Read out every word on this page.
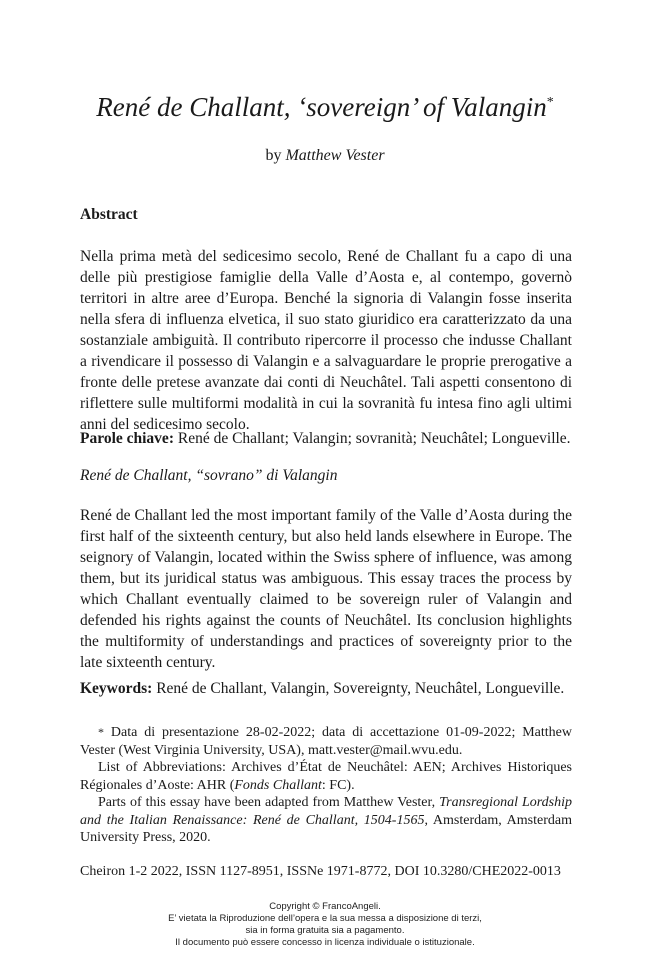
René de Challant, ‘sovereign’ of Valangin*
by Matthew Vester
Abstract
Nella prima metà del sedicesimo secolo, René de Challant fu a capo di una delle più prestigiose famiglie della Valle d’Aosta e, al contempo, governò territori in altre aree d’Europa. Benché la signoria di Valangin fosse inserita nella sfera di influenza elvetica, il suo stato giuridico era caratterizzato da una sostanziale ambiguità. Il contributo ripercorre il processo che indusse Challant a rivendicare il possesso di Valangin e a salvaguardare le proprie prerogative a fronte delle pretese avanzate dai conti di Neuchâtel. Tali aspetti consentono di riflettere sulle multiformi modalità in cui la sovranità fu intesa fino agli ultimi anni del sedicesimo secolo.
Parole chiave: René de Challant; Valangin; sovranità; Neuchâtel; Longueville.
René de Challant, “sovrano” di Valangin
René de Challant led the most important family of the Valle d’Aosta during the first half of the sixteenth century, but also held lands elsewhere in Europe. The seignory of Valangin, located within the Swiss sphere of influence, was among them, but its juridical status was ambiguous. This essay traces the process by which Challant eventually claimed to be sovereign ruler of Valangin and defended his rights against the counts of Neuchâtel. Its conclusion highlights the multiformity of understandings and practices of sovereignty prior to the late sixteenth century.
Keywords: René de Challant, Valangin, Sovereignty, Neuchâtel, Longueville.

* Data di presentazione 28-02-2022; data di accettazione 01-09-2022; Matthew Vester (West Virginia University, USA), matt.vester@mail.wvu.edu.

List of Abbreviations: Archives d’État de Neuchâtel: AEN; Archives Historiques Régionales d’Aoste: AHR (Fonds Challant: FC).

Parts of this essay have been adapted from Matthew Vester, Transregional Lordship and the Italian Renaissance: René de Challant, 1504-1565, Amsterdam, Amsterdam University Press, 2020.

Cheiron 1-2 2022, ISSN 1127-8951, ISSNe 1971-8772, DOI 10.3280/CHE2022-0013
Copyright © FrancoAngeli.
E’ vietata la Riproduzione dell’opera e la sua messa a disposizione di terzi,
sia in forma gratuita sia a pagamento.
Il documento può essere concesso in licenza individuale o istituzionale.
